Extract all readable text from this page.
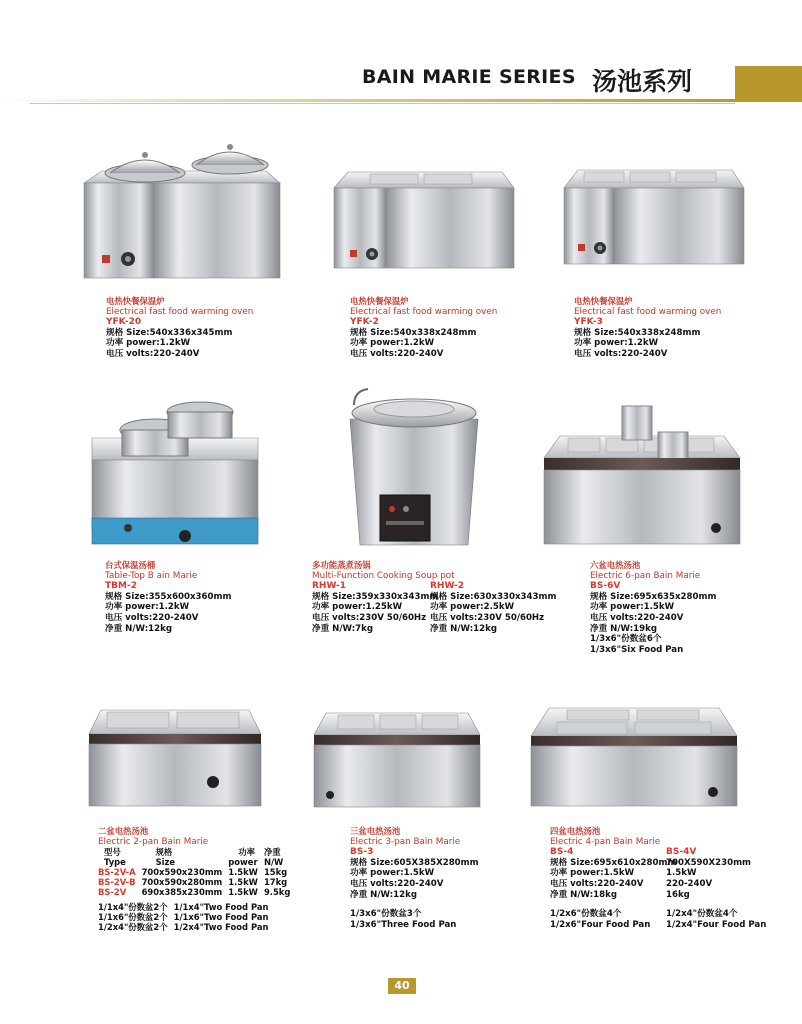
BAIN MARIE SERIES 汤池系列
电热快餐保温炉
Electrical fast food warming oven
YFK-20
规格 Size:540x336x345mm
功率 power:1.2kW
电压 volts:220-240V
电热快餐保温炉
Electrical fast food warming oven
YFK-2
规格 Size:540x338x248mm
功率 power:1.2kW
电压 volts:220-240V
电热快餐保温炉
Electrical fast food warming oven
YFK-3
规格 Size:540x338x248mm
功率 power:1.2kW
电压 volts:220-240V
台式保温汤桶
Table-Top B ain Marie
TBM-2
规格 Size:355x600x360mm
功率 power:1.2kW
电压 volts:220-240V
净重 N/W:12kg
多功能蒸煮汤锅
Multi-Function Cooking Soup pot
RHW-1
规格 Size:359x330x343mm
功率 power:1.25kW
电压 volts:230V 50/60Hz
净重 N/W:7kg
RHW-2
规格 Size:630x330x343mm
功率 power:2.5kW
电压 volts:230V 50/60Hz
净重 N/W:12kg
六盆电热汤池
Electric 6-pan Bain Marie
BS-6V
规格 Size:695x635x280mm
功率 power:1.5kW
电压 volts:220-240V
净重 N/W:19kg
1/3x6"份数盆6个
1/3x6"Six Food Pan
二盆电热汤池
Electric 2-pan Bain Marie
型号	规格	功率	净重
Type	Size	power	N/W
BS-2V-A	700x590x230mm	1.5kW	15kg
BS-2V-B	700x590x280mm	1.5kW	17kg
BS-2V	690x385x230mm	1.5kW	9.5kg
1/1x4"份数盆2个	1/1x4"Two Food Pan
1/1x6"份数盆2个	1/1x6"Two Food Pan
1/2x4"份数盆2个	1/2x4"Two Food Pan
三盆电热汤池
Electric 3-pan Bain Marie
BS-3
规格 Size:605X385X280mm
功率 power:1.5kW
电压 volts:220-240V
净重 N/W:12kg
1/3x6"份数盆3个
1/3x6"Three Food Pan
四盆电热汤池
Electric 4-pan Bain Marie
BS-4
规格 Size:695x610x280mm
功率 power:1.5kW
电压 volts:220-240V
净重 N/W:18kg
1/2x6"份数盆4个
1/2x6"Four Food Pan
BS-4V
700X590X230mm
1.5kW
220-240V
16kg
1/2x4"份数盆4个
1/2x4"Four Food Pan
40
